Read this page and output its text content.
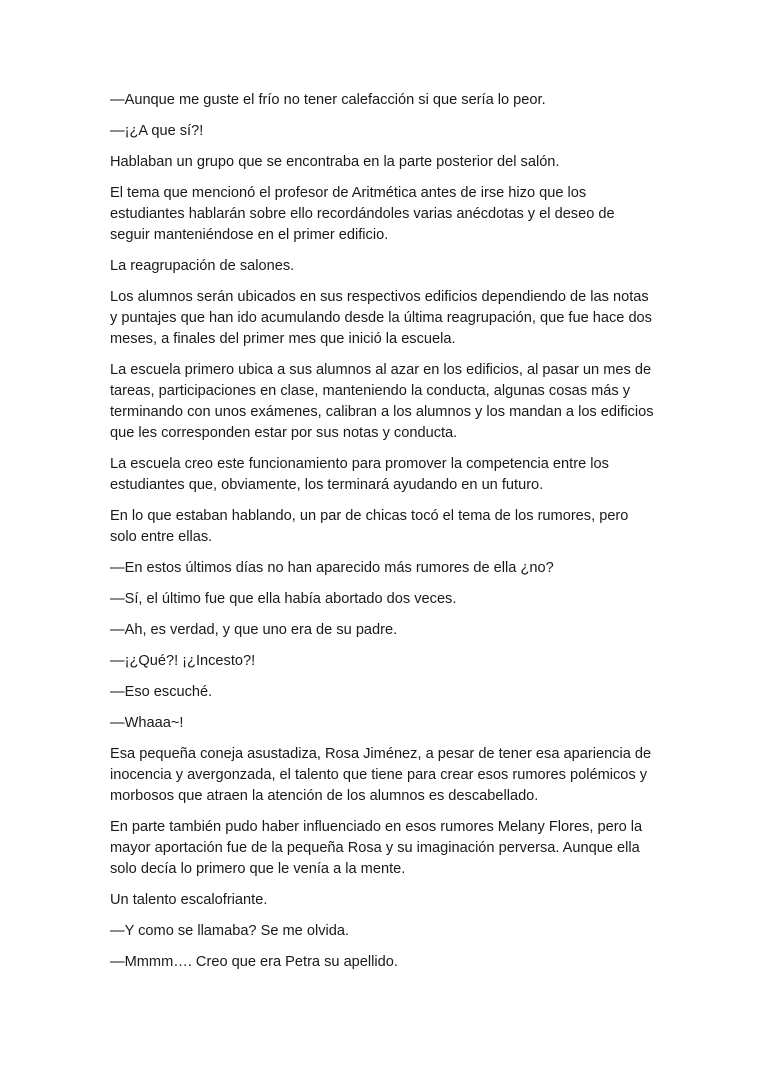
—Aunque me guste el frío no tener calefacción si que sería lo peor.

—¡¿A que sí?!

Hablaban un grupo que se encontraba en la parte posterior del salón.

El tema que mencionó el profesor de Aritmética antes de irse hizo que los estudiantes hablarán sobre ello recordándoles varias anécdotas y el deseo de seguir manteniéndose en el primer edificio.

La reagrupación de salones.

Los alumnos serán ubicados en sus respectivos edificios dependiendo de las notas y puntajes que han ido acumulando desde la última reagrupación, que fue hace dos meses, a finales del primer mes que inició la escuela.

La escuela primero ubica a sus alumnos al azar en los edificios, al pasar un mes de tareas, participaciones en clase, manteniendo la conducta, algunas cosas más y terminando con unos exámenes, calibran a los alumnos y los mandan a los edificios que les corresponden estar por sus notas y conducta.

La escuela creo este funcionamiento para promover la competencia entre los estudiantes que, obviamente, los terminará ayudando en un futuro.

En lo que estaban hablando, un par de chicas tocó el tema de los rumores, pero solo entre ellas.

—En estos últimos días no han aparecido más rumores de ella ¿no?

—Sí, el último fue que ella había abortado dos veces.

—Ah, es verdad, y que uno era de su padre.

—¡¿Qué?! ¡¿Incesto?!

—Eso escuché.

—Whaaa~!

Esa pequeña coneja asustadiza, Rosa Jiménez, a pesar de tener esa apariencia de inocencia y avergonzada, el talento que tiene para crear esos rumores polémicos y morbosos que atraen la atención de los alumnos es descabellado.

En parte también pudo haber influenciado en esos rumores Melany Flores, pero la mayor aportación fue de la pequeña Rosa y su imaginación perversa. Aunque ella solo decía lo primero que le venía a la mente.

Un talento escalofriante.

—Y como se llamaba? Se me olvida.

—Mmmm…. Creo que era Petra su apellido.
